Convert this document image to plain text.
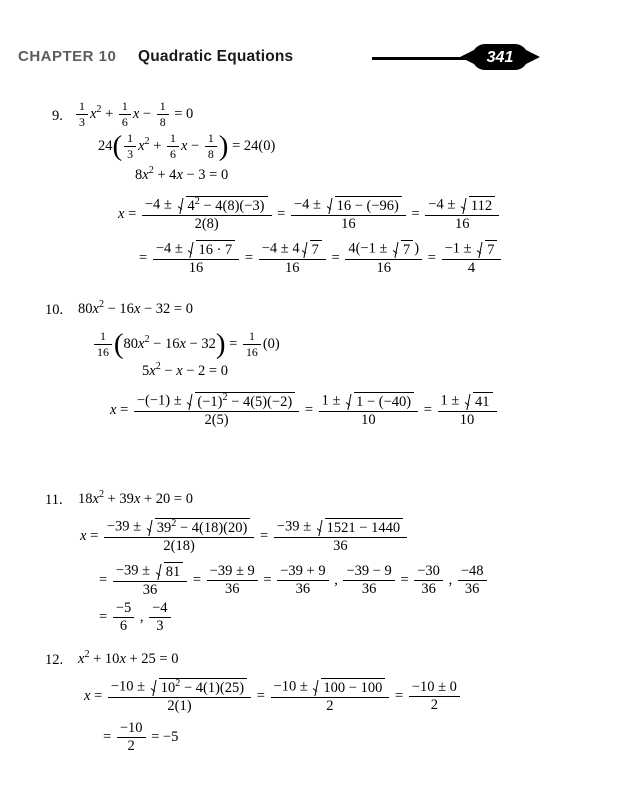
CHAPTER 10 Quadratic Equations	341
9. $\frac{1}{3} x^2 + \frac{1}{6}$ $x - \frac{1}{8} = 0$
$24( \frac{1}{3} x^2 + \frac{1}{6}$ $x - \frac{1}{8}$ ) = 24(0)
$8x^2 + 4x - 3 = 0$
$x = \frac{-4 \pm 4^2 - 4(8)(-3)}{2(8)} = \frac{-4 \pm 16 - (-96)}{16} = \frac{-4 \pm 112}{16}$
= $\frac{-4 \pm 16 \cdot 7}{16} = \frac{-4 \pm 4 7}{16} = \frac{4(-1 \pm 7 )}{16} = \frac{-1 \pm 7}{4}$
10. $80x^2 - 16x - 32 = 0$
$\frac{1}{16} (80x^2 - 16x - 32) = \frac{1}{16} (0)$
$5x^2 - x - 2 = 0$
$x = \frac{-(-1) \pm (-1)^2 - 4(5)(-2)}{2(5)} = \frac{1 \pm 1 - (-40)}{10} = \frac{1 \pm 41}{10}$
11. $18x^2 + 39x + 20 = 0$
$x = \frac{-39 \pm 39^2 - 4(18)(20)}{2(18)} = \frac{-39 \pm 1521 - 1440}{36}$
= $\frac{-39 \pm 81}{36} = \frac{-39 \pm 9}{36} = \frac{-39 + 9}{36}$ , $\frac{-39 - 9}{36} = \frac{-30}{36}$ , $\frac{-48}{36}$
= $\frac{-5}{6}$ , $\frac{-4}{3}$
12. $x^2 + 10x + 25 = 0$
$x = \frac{-10 \pm 10^2 - 4(1)(25)}{2(1)} = \frac{-10 \pm 100 - 100}{2} = \frac{-10 \pm 0}{2}$
= $\frac{-10}{2} = -5$
